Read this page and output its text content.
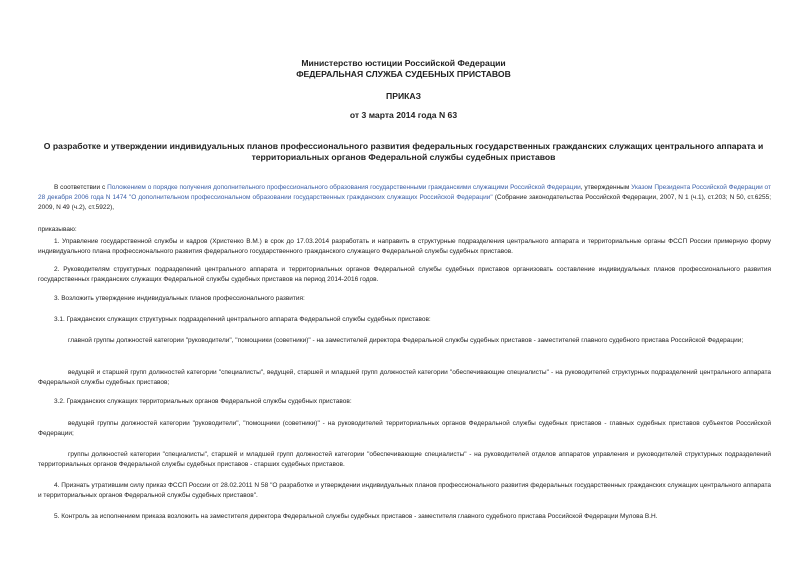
Министерство юстиции Российской Федерации
ФЕДЕРАЛЬНАЯ СЛУЖБА СУДЕБНЫХ ПРИСТАВОВ
ПРИКАЗ
от 3 марта 2014 года N 63
О разработке и утверждении индивидуальных планов профессионального развития федеральных государственных гражданских служащих центрального аппарата и территориальных органов Федеральной службы судебных приставов

В соответствии с Положением о порядке получения дополнительного профессионального образования государственными гражданскими служащими Российской Федерации, утвержденным Указом Президента Российской Федерации от 28 декабря 2006 года N 1474 "О дополнительном профессиональном образовании государственных гражданских служащих Российской Федерации" (Собрание законодательства Российской Федерации, 2007, N 1 (ч.1), ст.203; N 50, ст.6255; 2009, N 49 (ч.2), ст.5922),

приказываю:
1. Управление государственной службы и кадров (Христенко В.М.) в срок до 17.03.2014 разработать и направить в структурные подразделения центрального аппарата и территориальные органы ФССП России примерную форму индивидуального плана профессионального развития федерального государственного гражданского служащего Федеральной службы судебных приставов.
2. Руководителям структурных подразделений центрального аппарата и территориальных органов Федеральной службы судебных приставов организовать составление индивидуальных планов профессионального развития государственных гражданских служащих Федеральной службы судебных приставов на период 2014-2016 годов.
3. Возложить утверждение индивидуальных планов профессионального развития:
3.1. Гражданских служащих структурных подразделений центрального аппарата Федеральной службы судебных приставов:
главной группы должностей категории "руководители", "помощники (советники)" - на заместителей директора Федеральной службы судебных приставов - заместителей главного судебного пристава Российской Федерации;
ведущей и старшей групп должностей категории "специалисты", ведущей, старшей и младшей групп должностей категории "обеспечивающие специалисты" - на руководителей структурных подразделений центрального аппарата Федеральной службы судебных приставов;
3.2. Гражданских служащих территориальных органов Федеральной службы судебных приставов:
ведущей группы должностей категории "руководители", "помощники (советники)" - на руководителей территориальных органов Федеральной службы судебных приставов - главных судебных приставов субъектов Российской Федерации;
группы должностей категории "специалисты", старшей и младшей групп должностей категории "обеспечивающие специалисты" - на руководителей отделов аппаратов управления и руководителей структурных подразделений территориальных органов Федеральной службы судебных приставов - старших судебных приставов.
4. Признать утратившим силу приказ ФССП России от 28.02.2011 N 58 "О разработке и утверждении индивидуальных планов профессионального развития федеральных государственных гражданских служащих центрального аппарата и территориальных органов Федеральной службы судебных приставов".
5. Контроль за исполнением приказа возложить на заместителя директора Федеральной службы судебных приставов - заместителя главного судебного пристава Российской Федерации Мулова В.Н.
